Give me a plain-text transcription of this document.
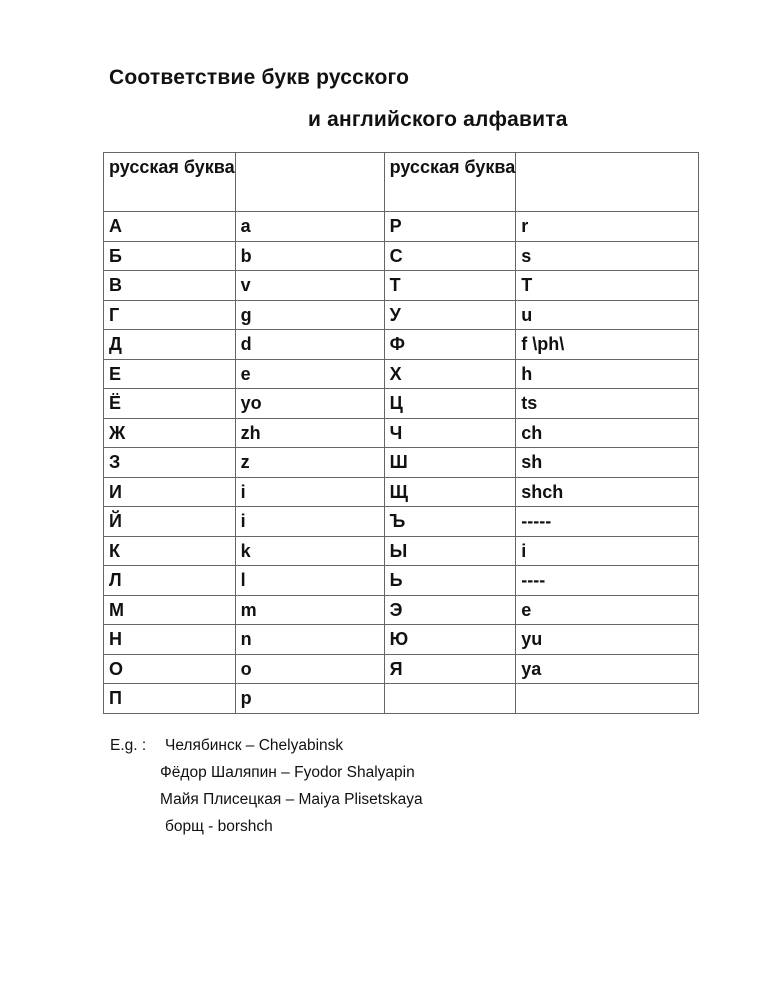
Соответствие букв русского
и английского алфавита
русская буква		русская буква	
А	a	Р	r
Б	b	С	s
В	v	Т	T
Г	g	У	u
Д	d	Ф	f \ph\
Е	e	Х	h
Ё	yo	Ц	ts
Ж	zh	Ч	ch
З	z	Ш	sh
И	i	Щ	shch
Й	i	Ъ	-----
К	k	Ы	i
Л	l	Ь	----
М	m	Э	e
Н	n	Ю	yu
О	o	Я	ya
П	p		
E.g. : Челябинск – Chelyabinsk
Фёдор Шаляпин – Fyodor Shalyapin
Майя Плисецкая – Maiya Plisetskaya
борщ - borshch
